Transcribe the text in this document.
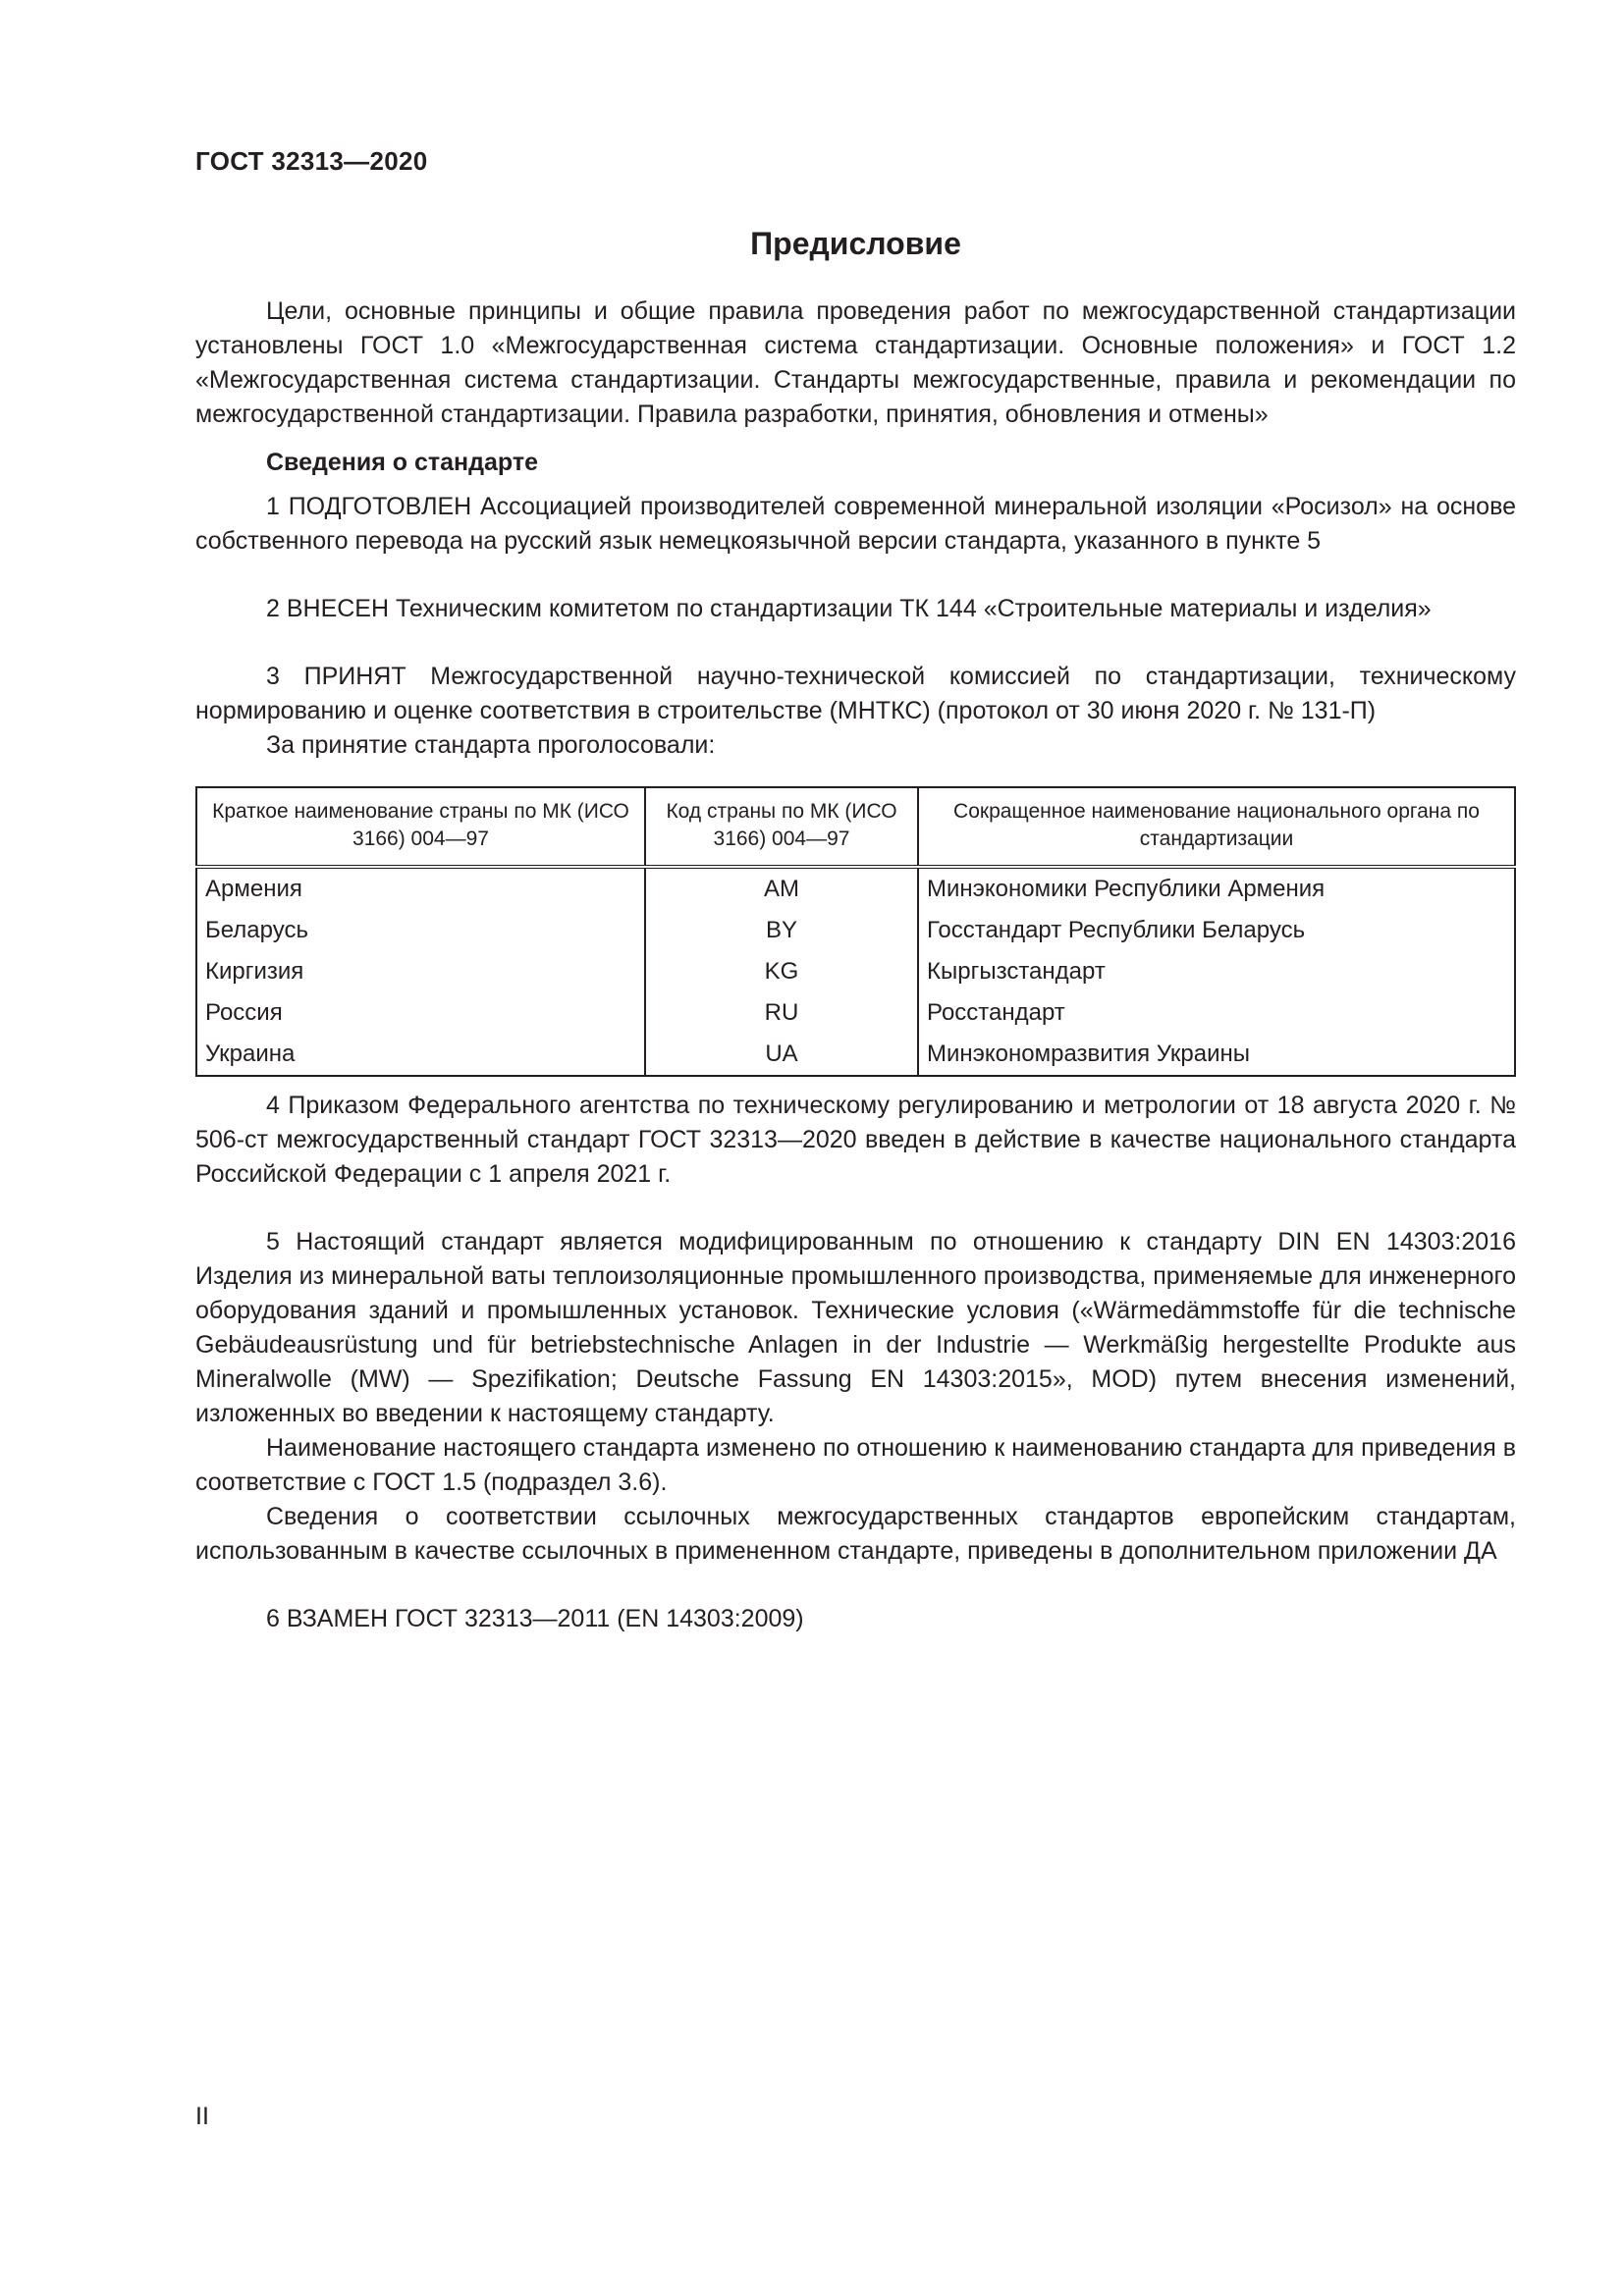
ГОСТ 32313—2020
Предисловие

Цели, основные принципы и общие правила проведения работ по межгосударственной стандартизации установлены ГОСТ 1.0 «Межгосударственная система стандартизации. Основные положения» и ГОСТ 1.2 «Межгосударственная система стандартизации. Стандарты межгосударственные, правила и рекомендации по межгосударственной стандартизации. Правила разработки, принятия, обновления и отмены»

Сведения о стандарте

1 ПОДГОТОВЛЕН Ассоциацией производителей современной минеральной изоляции «Росизол» на основе собственного перевода на русский язык немецкоязычной версии стандарта, указанного в пункте 5

2 ВНЕСЕН Техническим комитетом по стандартизации ТК 144 «Строительные материалы и изделия»

3 ПРИНЯТ Межгосударственной научно-технической комиссией по стандартизации, техническому нормированию и оценке соответствия в строительстве (МНТКС) (протокол от 30 июня 2020 г. № 131-П)

За принятие стандарта проголосовали:

Краткое наименование страны по МК (ИСО 3166) 004—97	Код страны по МК (ИСО 3166) 004—97	Сокращенное наименование национального органа по стандартизации
Армения	AM	Минэкономики Республики Армения
Беларусь	BY	Госстандарт Республики Беларусь
Киргизия	KG	Кыргызстандарт
Россия	RU	Росстандарт
Украина	UA	Минэкономразвития Украины

4 Приказом Федерального агентства по техническому регулированию и метрологии от 18 августа 2020 г. № 506-ст межгосударственный стандарт ГОСТ 32313—2020 введен в действие в качестве национального стандарта Российской Федерации с 1 апреля 2021 г.

5 Настоящий стандарт является модифицированным по отношению к стандарту DIN EN 14303:2016 Изделия из минеральной ваты теплоизоляционные промышленного производства, применяемые для инженерного оборудования зданий и промышленных установок. Технические условия («Wärmedämmstoffe für die technische Gebäudeausrüstung und für betriebstechnische Anlagen in der Industrie — Werkmäßig hergestellte Produkte aus Mineralwolle (MW) — Spezifikation; Deutsche Fassung EN 14303:2015», MOD) путем внесения изменений, изложенных во введении к настоящему стандарту.

Наименование настоящего стандарта изменено по отношению к наименованию стандарта для приведения в соответствие с ГОСТ 1.5 (подраздел 3.6).

Сведения о соответствии ссылочных межгосударственных стандартов европейским стандартам, использованным в качестве ссылочных в примененном стандарте, приведены в дополнительном приложении ДА

6 ВЗАМЕН ГОСТ 32313—2011 (EN 14303:2009)

II
